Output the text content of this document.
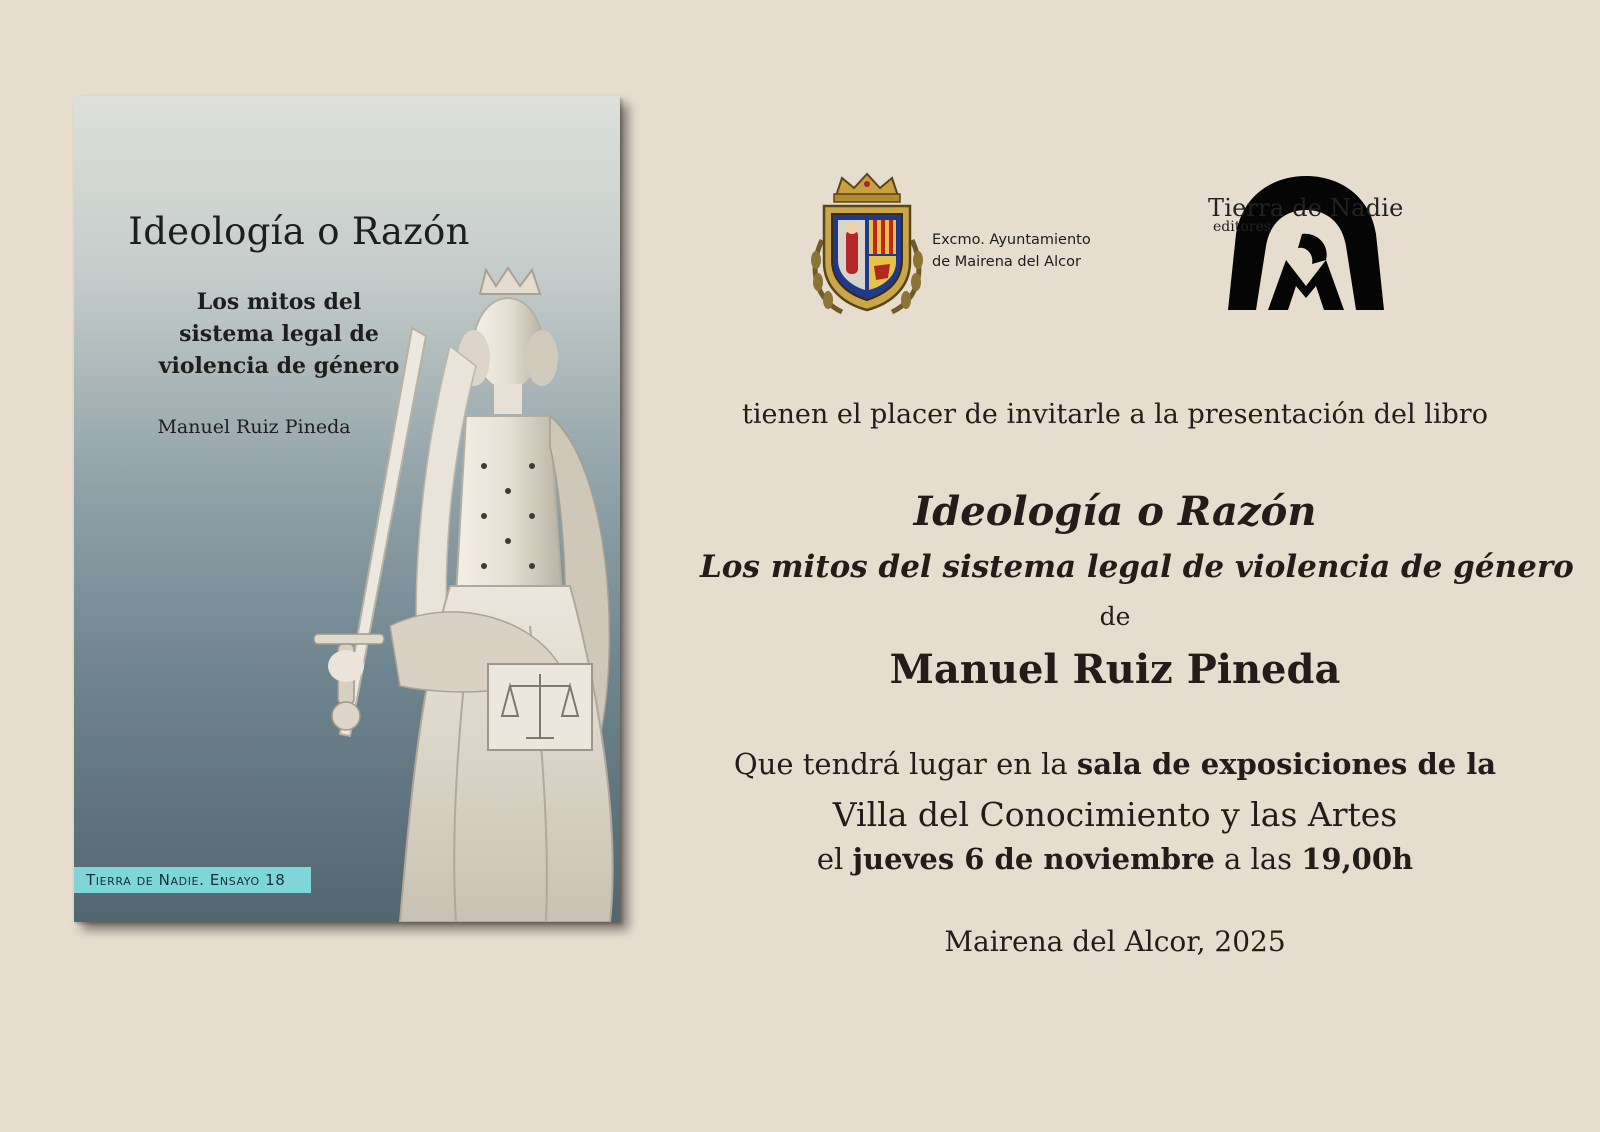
Ideología o Razón
Los mitos del
sistema legal de
violencia de género
Manuel Ruiz Pineda
Tierra de Nadie. Ensayo 18
Excmo. Ayuntamiento
de Mairena del Alcor
Tierra de Nadie
editores
tienen el placer de invitarle a la presentación del libro
Ideología o Razón
Los mitos del sistema legal de violencia de género
de
Manuel Ruiz Pineda
Que tendrá lugar en la sala de exposiciones de la
Villa del Conocimiento y las Artes
el jueves 6 de noviembre a las 19,00h
Mairena del Alcor, 2025
